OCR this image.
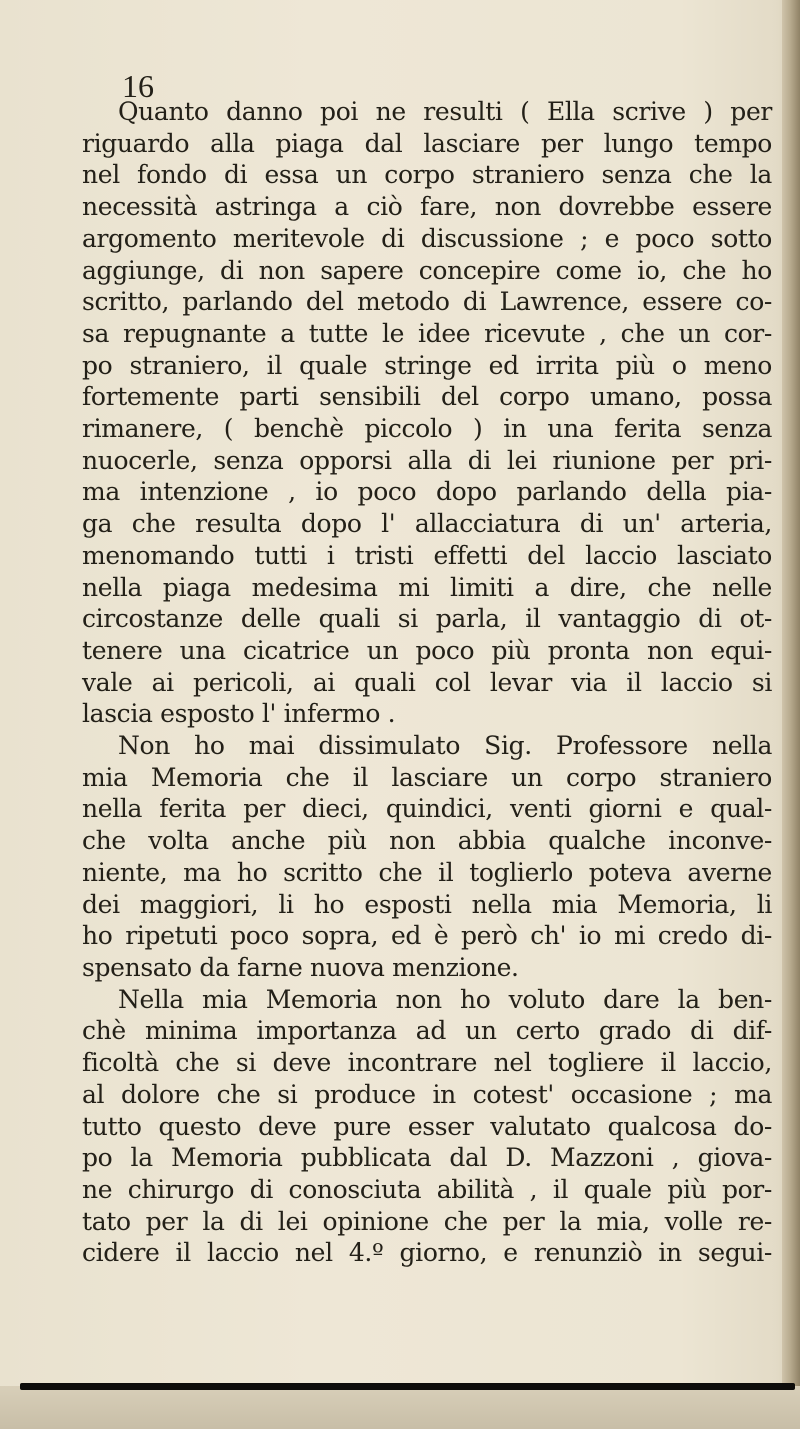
16

Quanto danno poi ne resulti ( Ella scrive ) per

riguardo alla piaga dal lasciare per lungo tempo

nel fondo di essa un corpo straniero senza che la

necessità astringa a ciò fare, non dovrebbe essere

argomento meritevole di discussione ; e poco sotto

aggiunge, di non sapere concepire come io, che ho

scritto, parlando del metodo di Lawrence, essere co-

sa repugnante a tutte le idee ricevute , che un cor-

po straniero, il quale stringe ed irrita più o meno

fortemente parti sensibili del corpo umano, possa

rimanere, ( benchè piccolo ) in una ferita senza

nuocerle, senza opporsi alla di lei riunione per pri-

ma intenzione , io poco dopo parlando della pia-

ga che resulta dopo l' allacciatura di un' arteria,

menomando tutti i tristi effetti del laccio lasciato

nella piaga medesima mi limiti a dire, che nelle

circostanze delle quali si parla, il vantaggio di ot-

tenere una cicatrice un poco più pronta non equi-

vale ai pericoli, ai quali col levar via il laccio si

lascia esposto l' infermo .

Non ho mai dissimulato Sig. Professore nella

mia Memoria che il lasciare un corpo straniero

nella ferita per dieci, quindici, venti giorni e qual-

che volta anche più non abbia qualche inconve-

niente, ma ho scritto che il toglierlo poteva averne

dei maggiori, li ho esposti nella mia Memoria, li

ho ripetuti poco sopra, ed è però ch' io mi credo di-

spensato da farne nuova menzione.

Nella mia Memoria non ho voluto dare la ben-

chè minima importanza ad un certo grado di dif-

ficoltà che si deve incontrare nel togliere il laccio,

al dolore che si produce in cotest' occasione ; ma

tutto questo deve pure esser valutato qualcosa do-

po la Memoria pubblicata dal D. Mazzoni , giova-

ne chirurgo di conosciuta abilità , il quale più por-

tato per la di lei opinione che per la mia, volle re-

cidere il laccio nel 4.º giorno, e renunziò in segui-
